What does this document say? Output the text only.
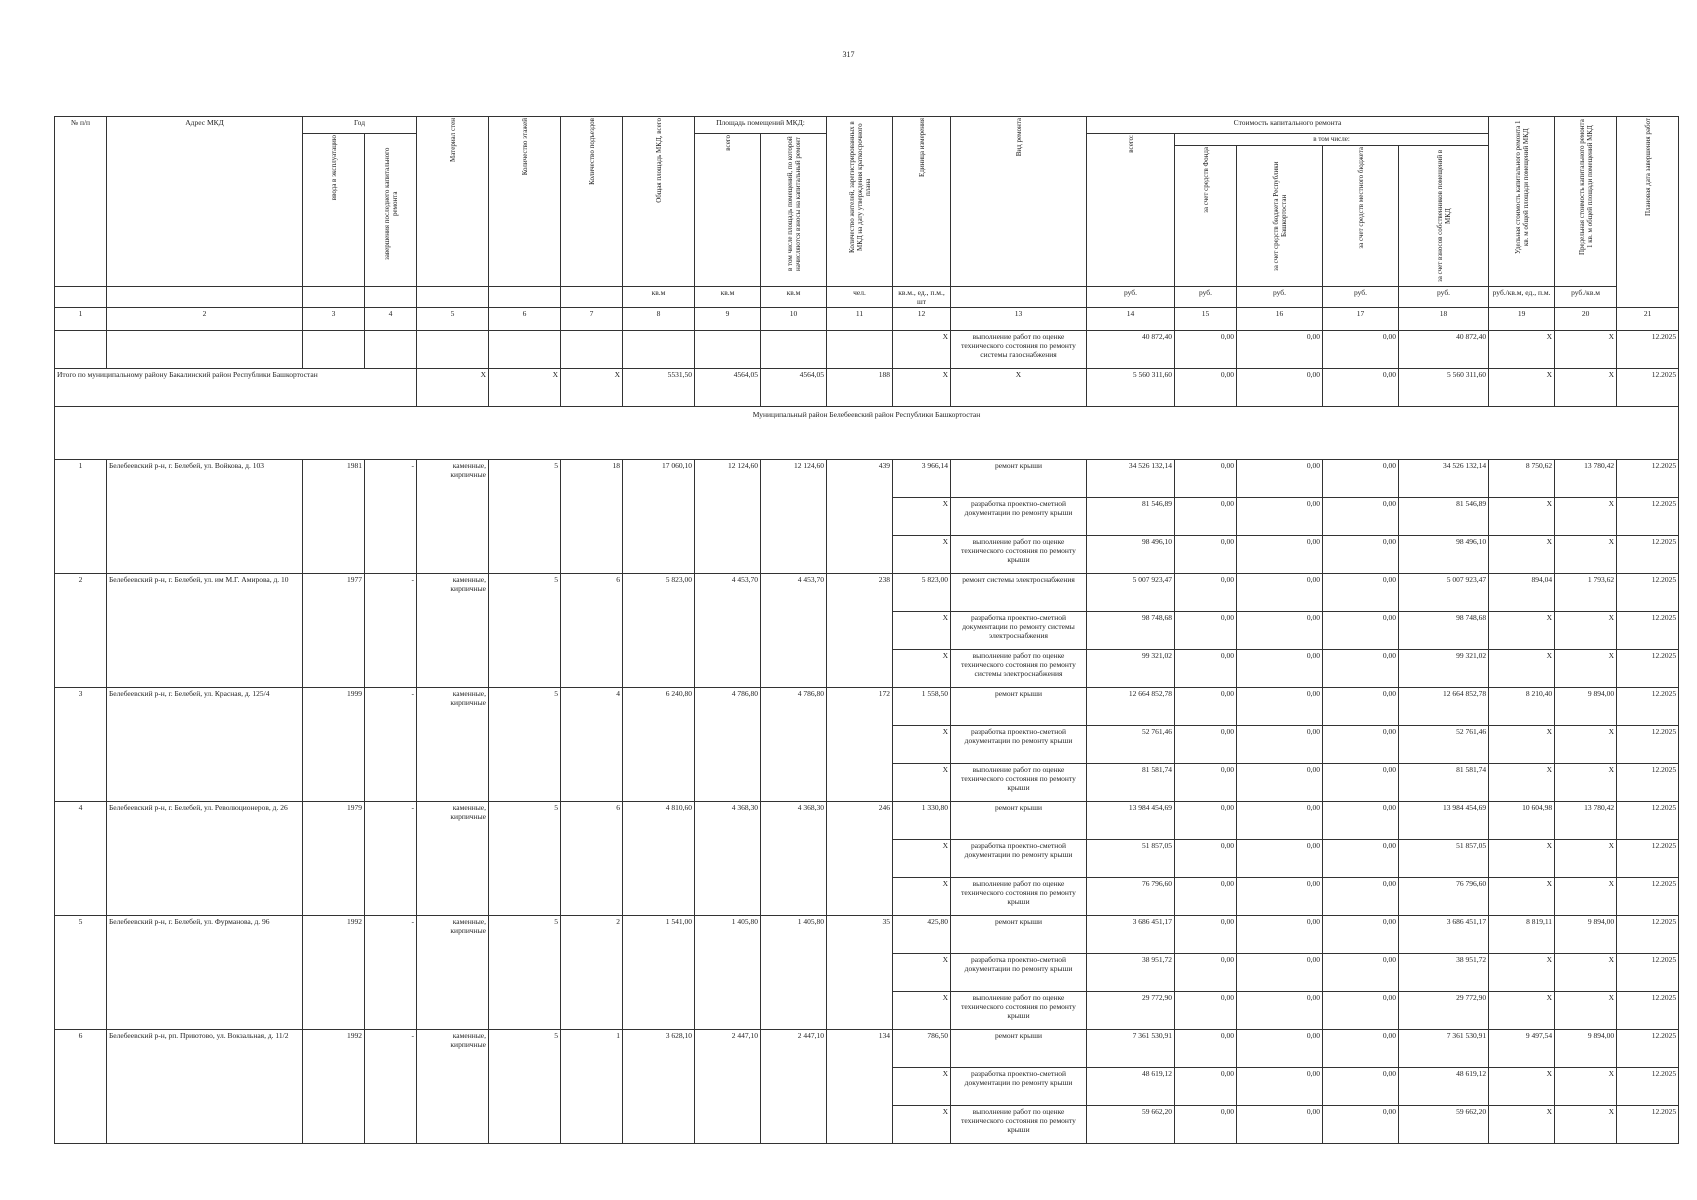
317
№ п/п	Адрес МКД	Год		Материал стен	Количество этажей	Количество подъездов	Общая площадь МКД, всего	Площадь помещений МКД:		Количество жителей, зарегистрированных в МКД на дату утверждения краткосрочного плана	Единица измерения	Вид ремонта	Стоимость капитального ремонта					Удельная стоимость капитального ремонта 1 кв. м общей площади помещений МКД	Предельная стоимость капитального ремонта 1 кв. м общей площади помещений МКД	Плановая дата завершения работ

		ввода в эксплуатацию	завершения последнего капитального ремонта					всего	в том числе площадь помещений, по которой начисляются взносы на капитальный ремонт				всего:	в том числе:						

														за счет средств Фонда	за счет средств бюджета Республики Башкортостан	за счет средств местного бюджета	за счет взносов собственников помещений в МКД			

							кв.м	кв.м	кв.м	чел.	кв.м., ед., п.м., шт		руб.	руб.	руб.	руб.	руб.	руб./кв.м, ед., п.м.	руб./кв.м	
1	2	3	4	5	6	7	8	9	10	11	12	13	14	15	16	17	18	19	20	21
											X	выполнение работ по оценке технического состояния по ремонту системы газоснабжения	40 872,40	0,00	0,00	0,00	40 872,40	X	X	12.2025
Итого по муниципальному району Бакалинский район Республики Башкортостан				X	X	X	5531,50	4564,05	4564,05	188	X	X	5 560 311,60	0,00	0,00	0,00	5 560 311,60	X	X	12.2025
Муниципальный район Белебеевский район Республики Башкортостан																				
1	Белебеевский р-н, г. Белебей, ул. Войкова, д. 103	1981	-	каменные, кирпичные	5	18	17 060,10	12 124,60	12 124,60	439	3 966,14	ремонт крыши	34 526 132,14	0,00	0,00	0,00	34 526 132,14	8 750,62	13 780,42	12.2025
											X	разработка проектно-сметной документации по ремонту крыши	81 546,89	0,00	0,00	0,00	81 546,89	X	X	12.2025
											X	выполнение работ по оценке технического состояния по ремонту крыши	98 496,10	0,00	0,00	0,00	98 496,10	X	X	12.2025
2	Белебеевский р-н, г. Белебей, ул. им М.Г. Амирова, д. 10	1977	-	каменные, кирпичные	5	6	5 823,00	4 453,70	4 453,70	238	5 823,00	ремонт системы электроснабжения	5 007 923,47	0,00	0,00	0,00	5 007 923,47	894,04	1 793,62	12.2025
											X	разработка проектно-сметной документации по ремонту системы электроснабжения	98 748,68	0,00	0,00	0,00	98 748,68	X	X	12.2025
											X	выполнение работ по оценке технического состояния по ремонту системы электроснабжения	99 321,02	0,00	0,00	0,00	99 321,02	X	X	12.2025
3	Белебеевский р-н, г. Белебей, ул. Красная, д. 125/4	1999	-	каменные, кирпичные	5	4	6 240,80	4 786,80	4 786,80	172	1 558,50	ремонт крыши	12 664 852,78	0,00	0,00	0,00	12 664 852,78	8 210,40	9 894,00	12.2025
											X	разработка проектно-сметной документации по ремонту крыши	52 761,46	0,00	0,00	0,00	52 761,46	X	X	12.2025
											X	выполнение работ по оценке технического состояния по ремонту крыши	81 581,74	0,00	0,00	0,00	81 581,74	X	X	12.2025
4	Белебеевский р-н, г. Белебей, ул. Революционеров, д. 26	1979	-	каменные, кирпичные	5	6	4 810,60	4 368,30	4 368,30	246	1 330,80	ремонт крыши	13 984 454,69	0,00	0,00	0,00	13 984 454,69	10 604,98	13 780,42	12.2025
											X	разработка проектно-сметной документации по ремонту крыши	51 857,05	0,00	0,00	0,00	51 857,05	X	X	12.2025
											X	выполнение работ по оценке технического состояния по ремонту крыши	76 796,60	0,00	0,00	0,00	76 796,60	X	X	12.2025
5	Белебеевский р-н, г. Белебей, ул. Фурманова, д. 96	1992	-	каменные, кирпичные	5	2	1 541,00	1 405,80	1 405,80	35	425,80	ремонт крыши	3 686 451,17	0,00	0,00	0,00	3 686 451,17	8 819,11	9 894,00	12.2025
											X	разработка проектно-сметной документации по ремонту крыши	38 951,72	0,00	0,00	0,00	38 951,72	X	X	12.2025
											X	выполнение работ по оценке технического состояния по ремонту крыши	29 772,90	0,00	0,00	0,00	29 772,90	X	X	12.2025
6	Белебеевский р-н, рп. Приютово, ул. Вокзальная, д. 11/2	1992	-	каменные, кирпичные	5	1	3 628,10	2 447,10	2 447,10	134	786,50	ремонт крыши	7 361 530,91	0,00	0,00	0,00	7 361 530,91	9 497,54	9 894,00	12.2025
											X	разработка проектно-сметной документации по ремонту крыши	48 619,12	0,00	0,00	0,00	48 619,12	X	X	12.2025
											X	выполнение работ по оценке технического состояния по ремонту крыши	59 662,20	0,00	0,00	0,00	59 662,20	X	X	12.2025
